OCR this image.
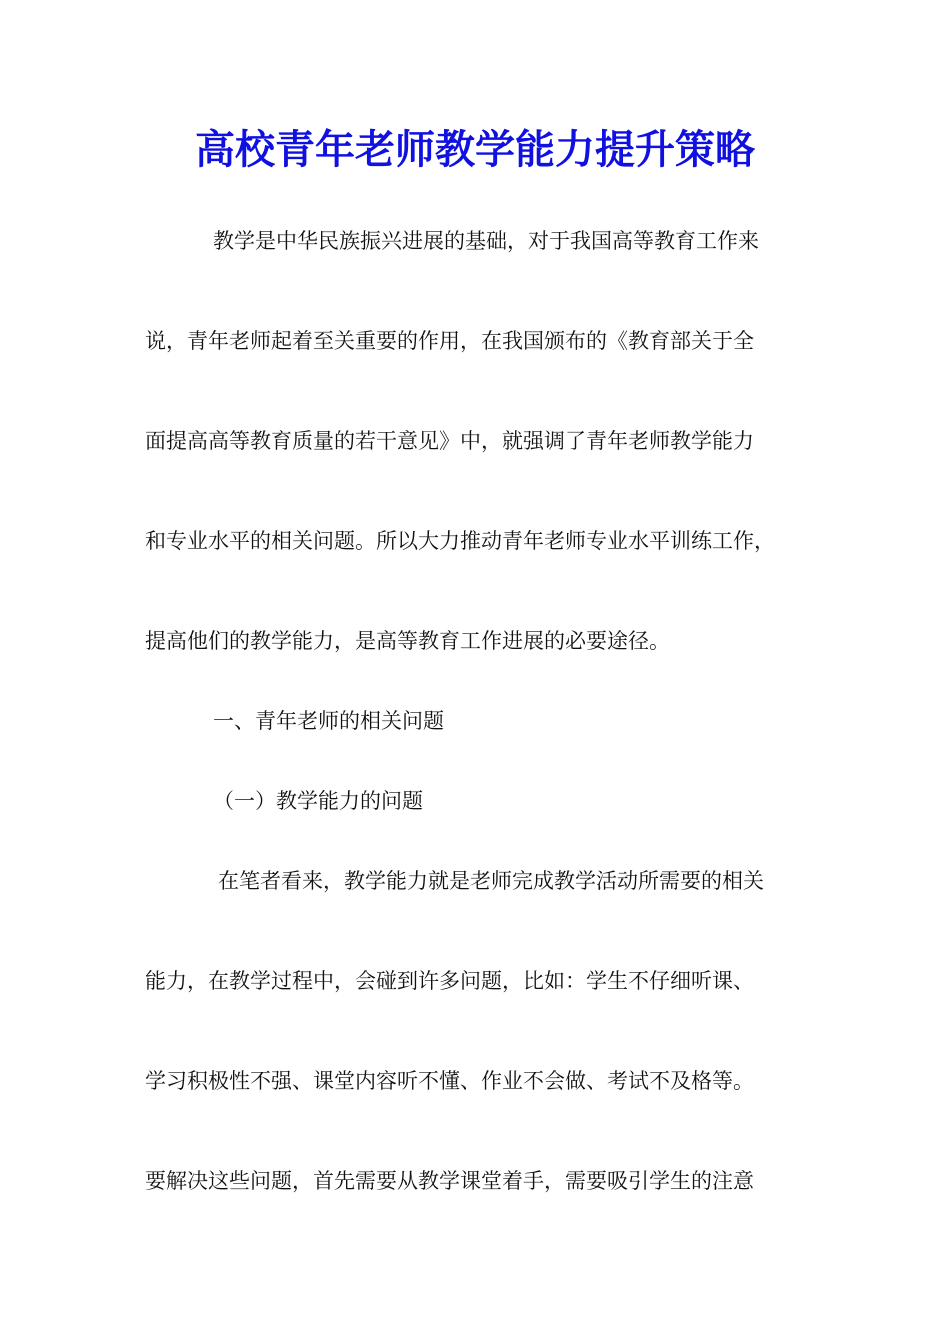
高校青年老师教学能力提升策略

教学是中华民族振兴进展的基础，对于我国高等教育工作来

说，青年老师起着至关重要的作用，在我国颁布的《教育部关于全

面提高高等教育质量的若干意见》中，就强调了青年老师教学能力

和专业水平的相关问题。所以大力推动青年老师专业水平训练工作，

提高他们的教学能力，是高等教育工作进展的必要途径。

一、青年老师的相关问题

（一）教学能力的问题

在笔者看来，教学能力就是老师完成教学活动所需要的相关

能力，在教学过程中，会碰到许多问题，比如：学生不仔细听课、

学习积极性不强、课堂内容听不懂、作业不会做、考试不及格等。

要解决这些问题，首先需要从教学课堂着手，需要吸引学生的注意
